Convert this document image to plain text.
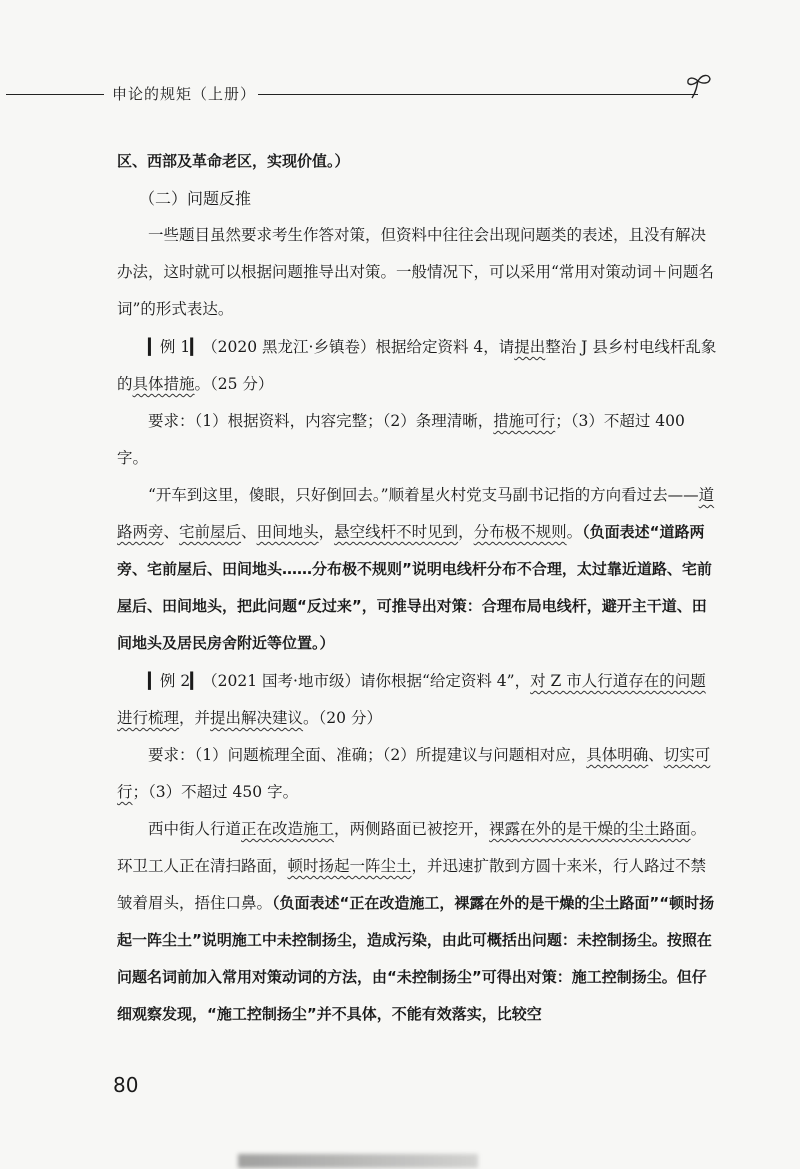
申论的规矩（上册）

区、西部及革命老区，实现价值。）

（二）问题反推

一些题目虽然要求考生作答对策，但资料中往往会出现问题类的表述，且没有解决办法，这时就可以根据问题推导出对策。一般情况下，可以采用“常用对策动词＋问题名词”的形式表达。

▎例 1▎（2020 黑龙江·乡镇卷）根据给定资料 4，请提出整治 J 县乡村电线杆乱象的具体措施。（25 分）

要求：（1）根据资料，内容完整；（2）条理清晰，措施可行；（3）不超过 400 字。

“开车到这里，傻眼，只好倒回去。”顺着星火村党支马副书记指的方向看过去——道路两旁、宅前屋后、田间地头，悬空线杆不时见到，分布极不规则。（负面表述“道路两旁、宅前屋后、田间地头……分布极不规则”说明电线杆分布不合理，太过靠近道路、宅前屋后、田间地头，把此问题“反过来”，可推导出对策：合理布局电线杆，避开主干道、田间地头及居民房舍附近等位置。）

▎例 2▎（2021 国考·地市级）请你根据“给定资料 4”，对 Z 市人行道存在的问题进行梳理，并提出解决建议。（20 分）

要求：（1）问题梳理全面、准确；（2）所提建议与问题相对应，具体明确、切实可行；（3）不超过 450 字。

西中街人行道正在改造施工，两侧路面已被挖开，裸露在外的是干燥的尘土路面。环卫工人正在清扫路面，顿时扬起一阵尘土，并迅速扩散到方圆十来米，行人路过不禁皱着眉头，捂住口鼻。（负面表述“正在改造施工，裸露在外的是干燥的尘土路面”“顿时扬起一阵尘土”说明施工中未控制扬尘，造成污染，由此可概括出问题：未控制扬尘。按照在问题名词前加入常用对策动词的方法，由“未控制扬尘”可得出对策：施工控制扬尘。但仔细观察发现，“施工控制扬尘”并不具体，不能有效落实，比较空

80
